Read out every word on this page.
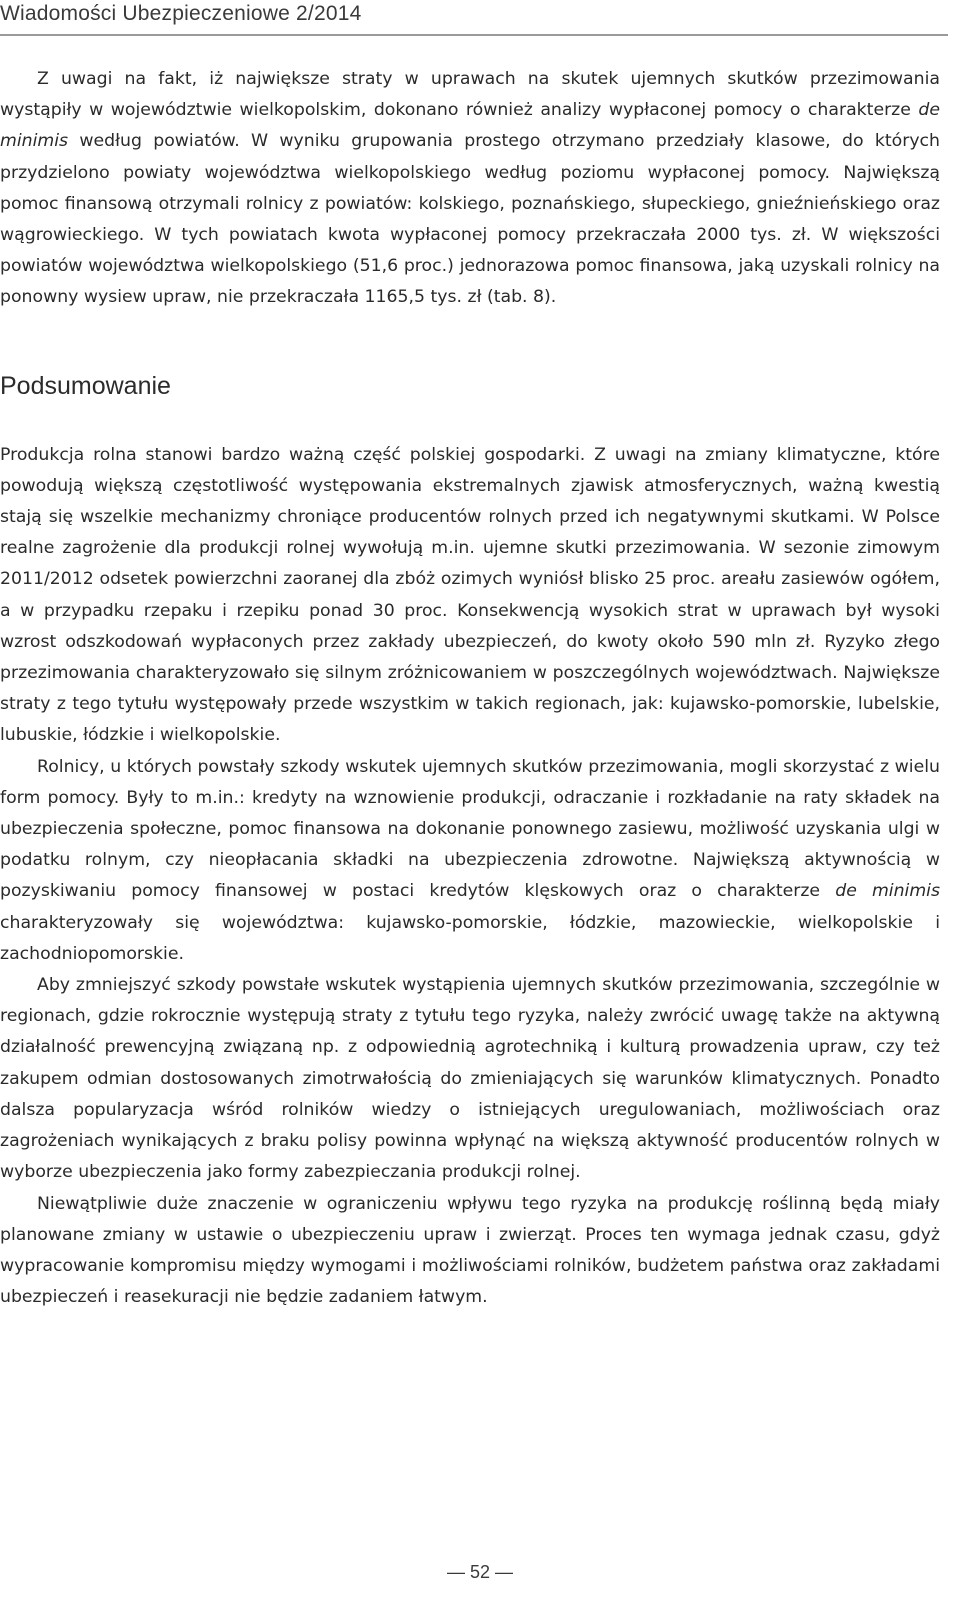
Wiadomości Ubezpieczeniowe 2/2014

Z uwagi na fakt, iż największe straty w uprawach na skutek ujemnych skutków przezimowania wystąpiły w województwie wielkopolskim, dokonano również analizy wypłaconej pomocy o charakterze de minimis według powiatów. W wyniku grupowania prostego otrzymano przedziały klasowe, do których przydzielono powiaty województwa wielkopolskiego według poziomu wypłaconej pomocy. Największą pomoc finansową otrzymali rolnicy z powiatów: kolskiego, poznańskiego, słupeckiego, gnieźnieńskiego oraz wągrowieckiego. W tych powiatach kwota wypłaconej pomocy przekraczała 2000 tys. zł. W większości powiatów województwa wielkopolskiego (51,6 proc.) jednorazowa pomoc finansowa, jaką uzyskali rolnicy na ponowny wysiew upraw, nie przekraczała 1165,5 tys. zł (tab. 8).

Podsumowanie

Produkcja rolna stanowi bardzo ważną część polskiej gospodarki. Z uwagi na zmiany klimatyczne, które powodują większą częstotliwość występowania ekstremalnych zjawisk atmosferycznych, ważną kwestią stają się wszelkie mechanizmy chroniące producentów rolnych przed ich negatywnymi skutkami. W Polsce realne zagrożenie dla produkcji rolnej wywołują m.in. ujemne skutki przezimowania. W sezonie zimowym 2011/2012 odsetek powierzchni zaoranej dla zbóż ozimych wyniósł blisko 25 proc. areału zasiewów ogółem, a w przypadku rzepaku i rzepiku ponad 30 proc. Konsekwencją wysokich strat w uprawach był wysoki wzrost odszkodowań wypłaconych przez zakłady ubezpieczeń, do kwoty około 590 mln zł. Ryzyko złego przezimowania charakteryzowało się silnym zróżnicowaniem w poszczególnych województwach. Największe straty z tego tytułu występowały przede wszystkim w takich regionach, jak: kujawsko-pomorskie, lubelskie, lubuskie, łódzkie i wielkopolskie.

Rolnicy, u których powstały szkody wskutek ujemnych skutków przezimowania, mogli skorzystać z wielu form pomocy. Były to m.in.: kredyty na wznowienie produkcji, odraczanie i rozkładanie na raty składek na ubezpieczenia społeczne, pomoc finansowa na dokonanie ponownego zasiewu, możliwość uzyskania ulgi w podatku rolnym, czy nieopłacania składki na ubezpieczenia zdrowotne. Największą aktywnością w pozyskiwaniu pomocy finansowej w postaci kredytów klęskowych oraz o charakterze de minimis charakteryzowały się województwa: kujawsko-pomorskie, łódzkie, mazowieckie, wielkopolskie i zachodniopomorskie.

Aby zmniejszyć szkody powstałe wskutek wystąpienia ujemnych skutków przezimowania, szczególnie w regionach, gdzie rokrocznie występują straty z tytułu tego ryzyka, należy zwrócić uwagę także na aktywną działalność prewencyjną związaną np. z odpowiednią agrotechniką i kulturą prowadzenia upraw, czy też zakupem odmian dostosowanych zimotrwałością do zmieniających się warunków klimatycznych. Ponadto dalsza popularyzacja wśród rolników wiedzy o istniejących uregulowaniach, możliwościach oraz zagrożeniach wynikających z braku polisy powinna wpłynąć na większą aktywność producentów rolnych w wyborze ubezpieczenia jako formy zabezpieczania produkcji rolnej.

Niewątpliwie duże znaczenie w ograniczeniu wpływu tego ryzyka na produkcję roślinną będą miały planowane zmiany w ustawie o ubezpieczeniu upraw i zwierząt. Proces ten wymaga jednak czasu, gdyż wypracowanie kompromisu między wymogami i możliwościami rolników, budżetem państwa oraz zakładami ubezpieczeń i reasekuracji nie będzie zadaniem łatwym.

— 52 —
